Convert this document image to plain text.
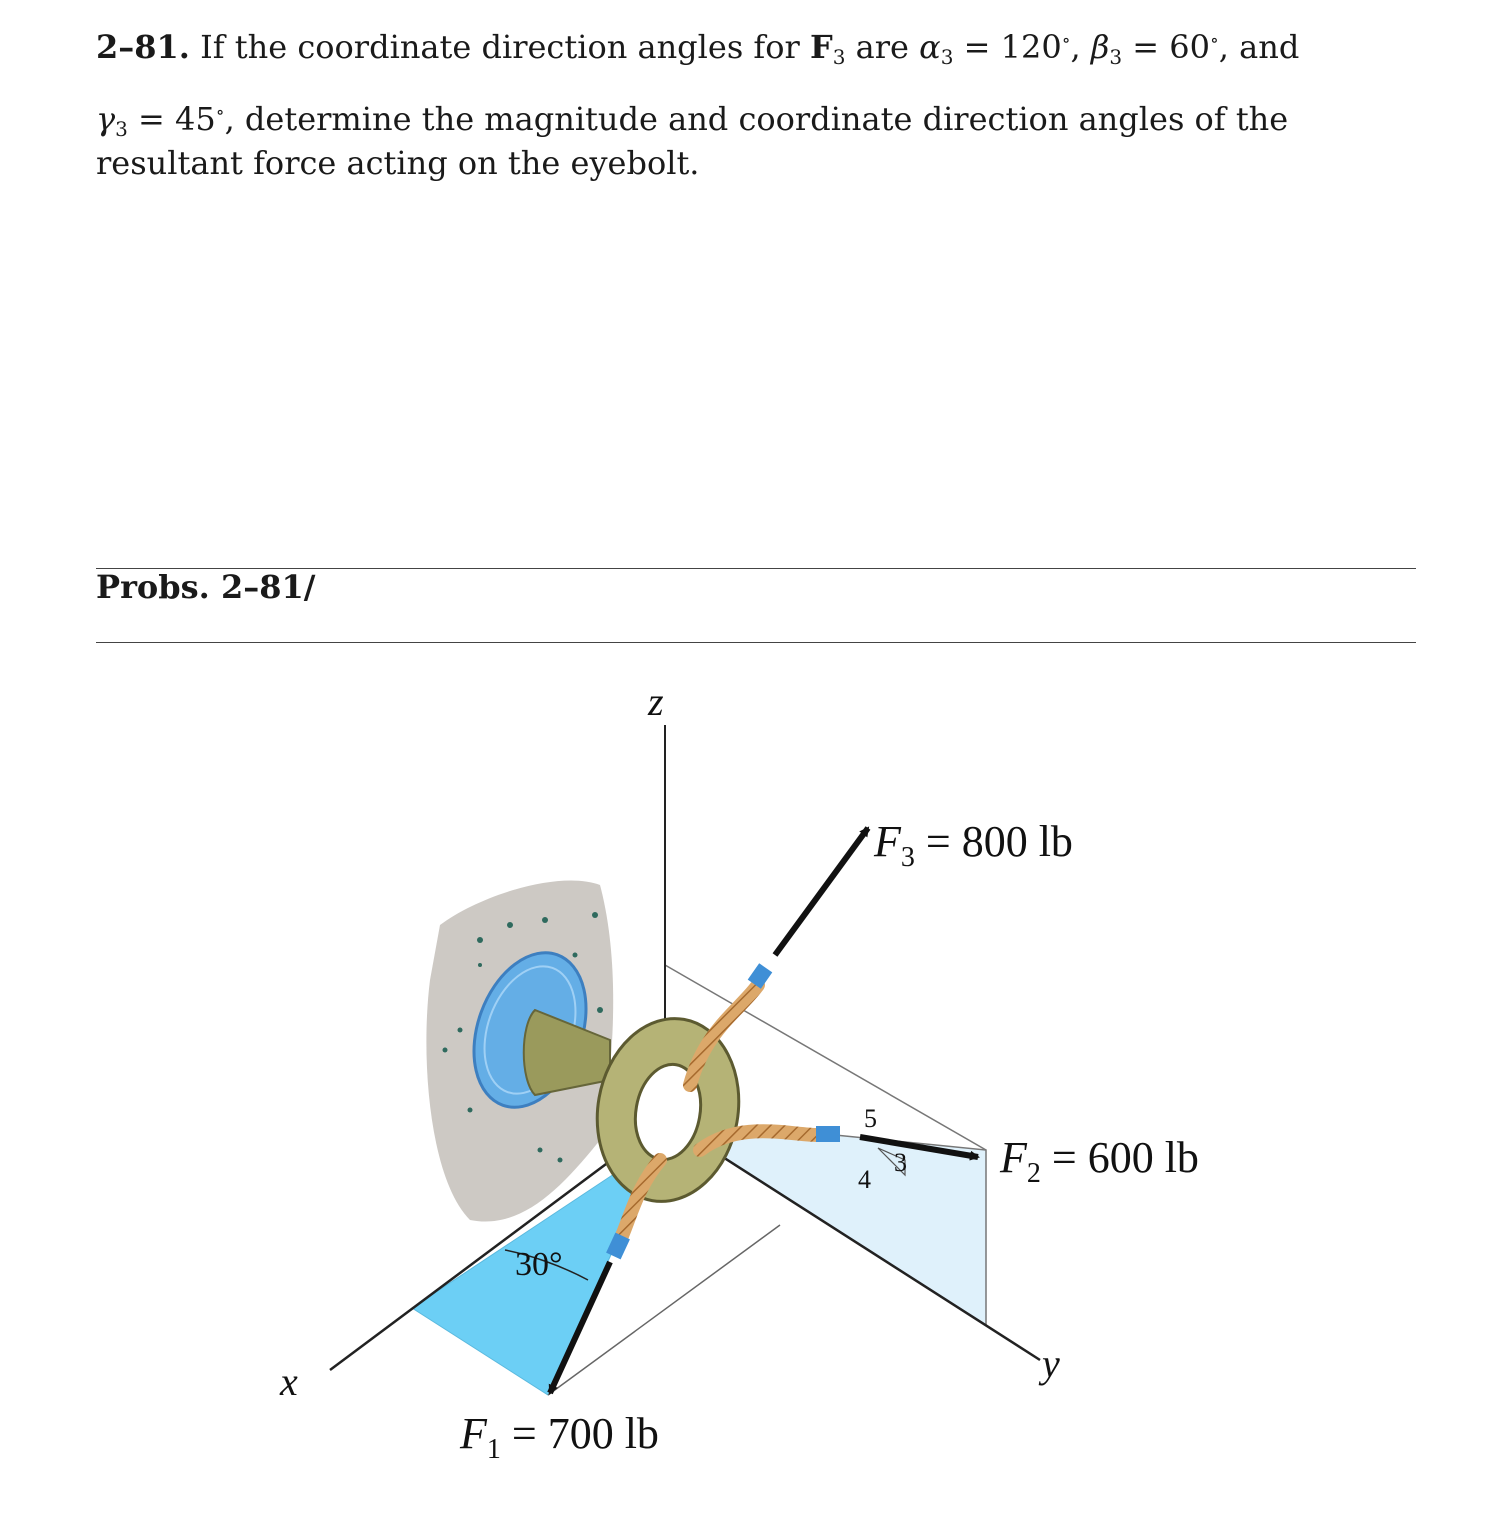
2–81. If the coordinate direction angles for F3 are α3 = 120∘, β3 = 60∘, and
γ3 = 45∘, determine the magnitude and coordinate direction angles of the
resultant force acting on the eyebolt.
Probs. 2–81/
z
x	y
$F_3 = 800$ lb
$F_2 = 600$ lb
$F_1 = 700$ lb
30°
5
4
3
